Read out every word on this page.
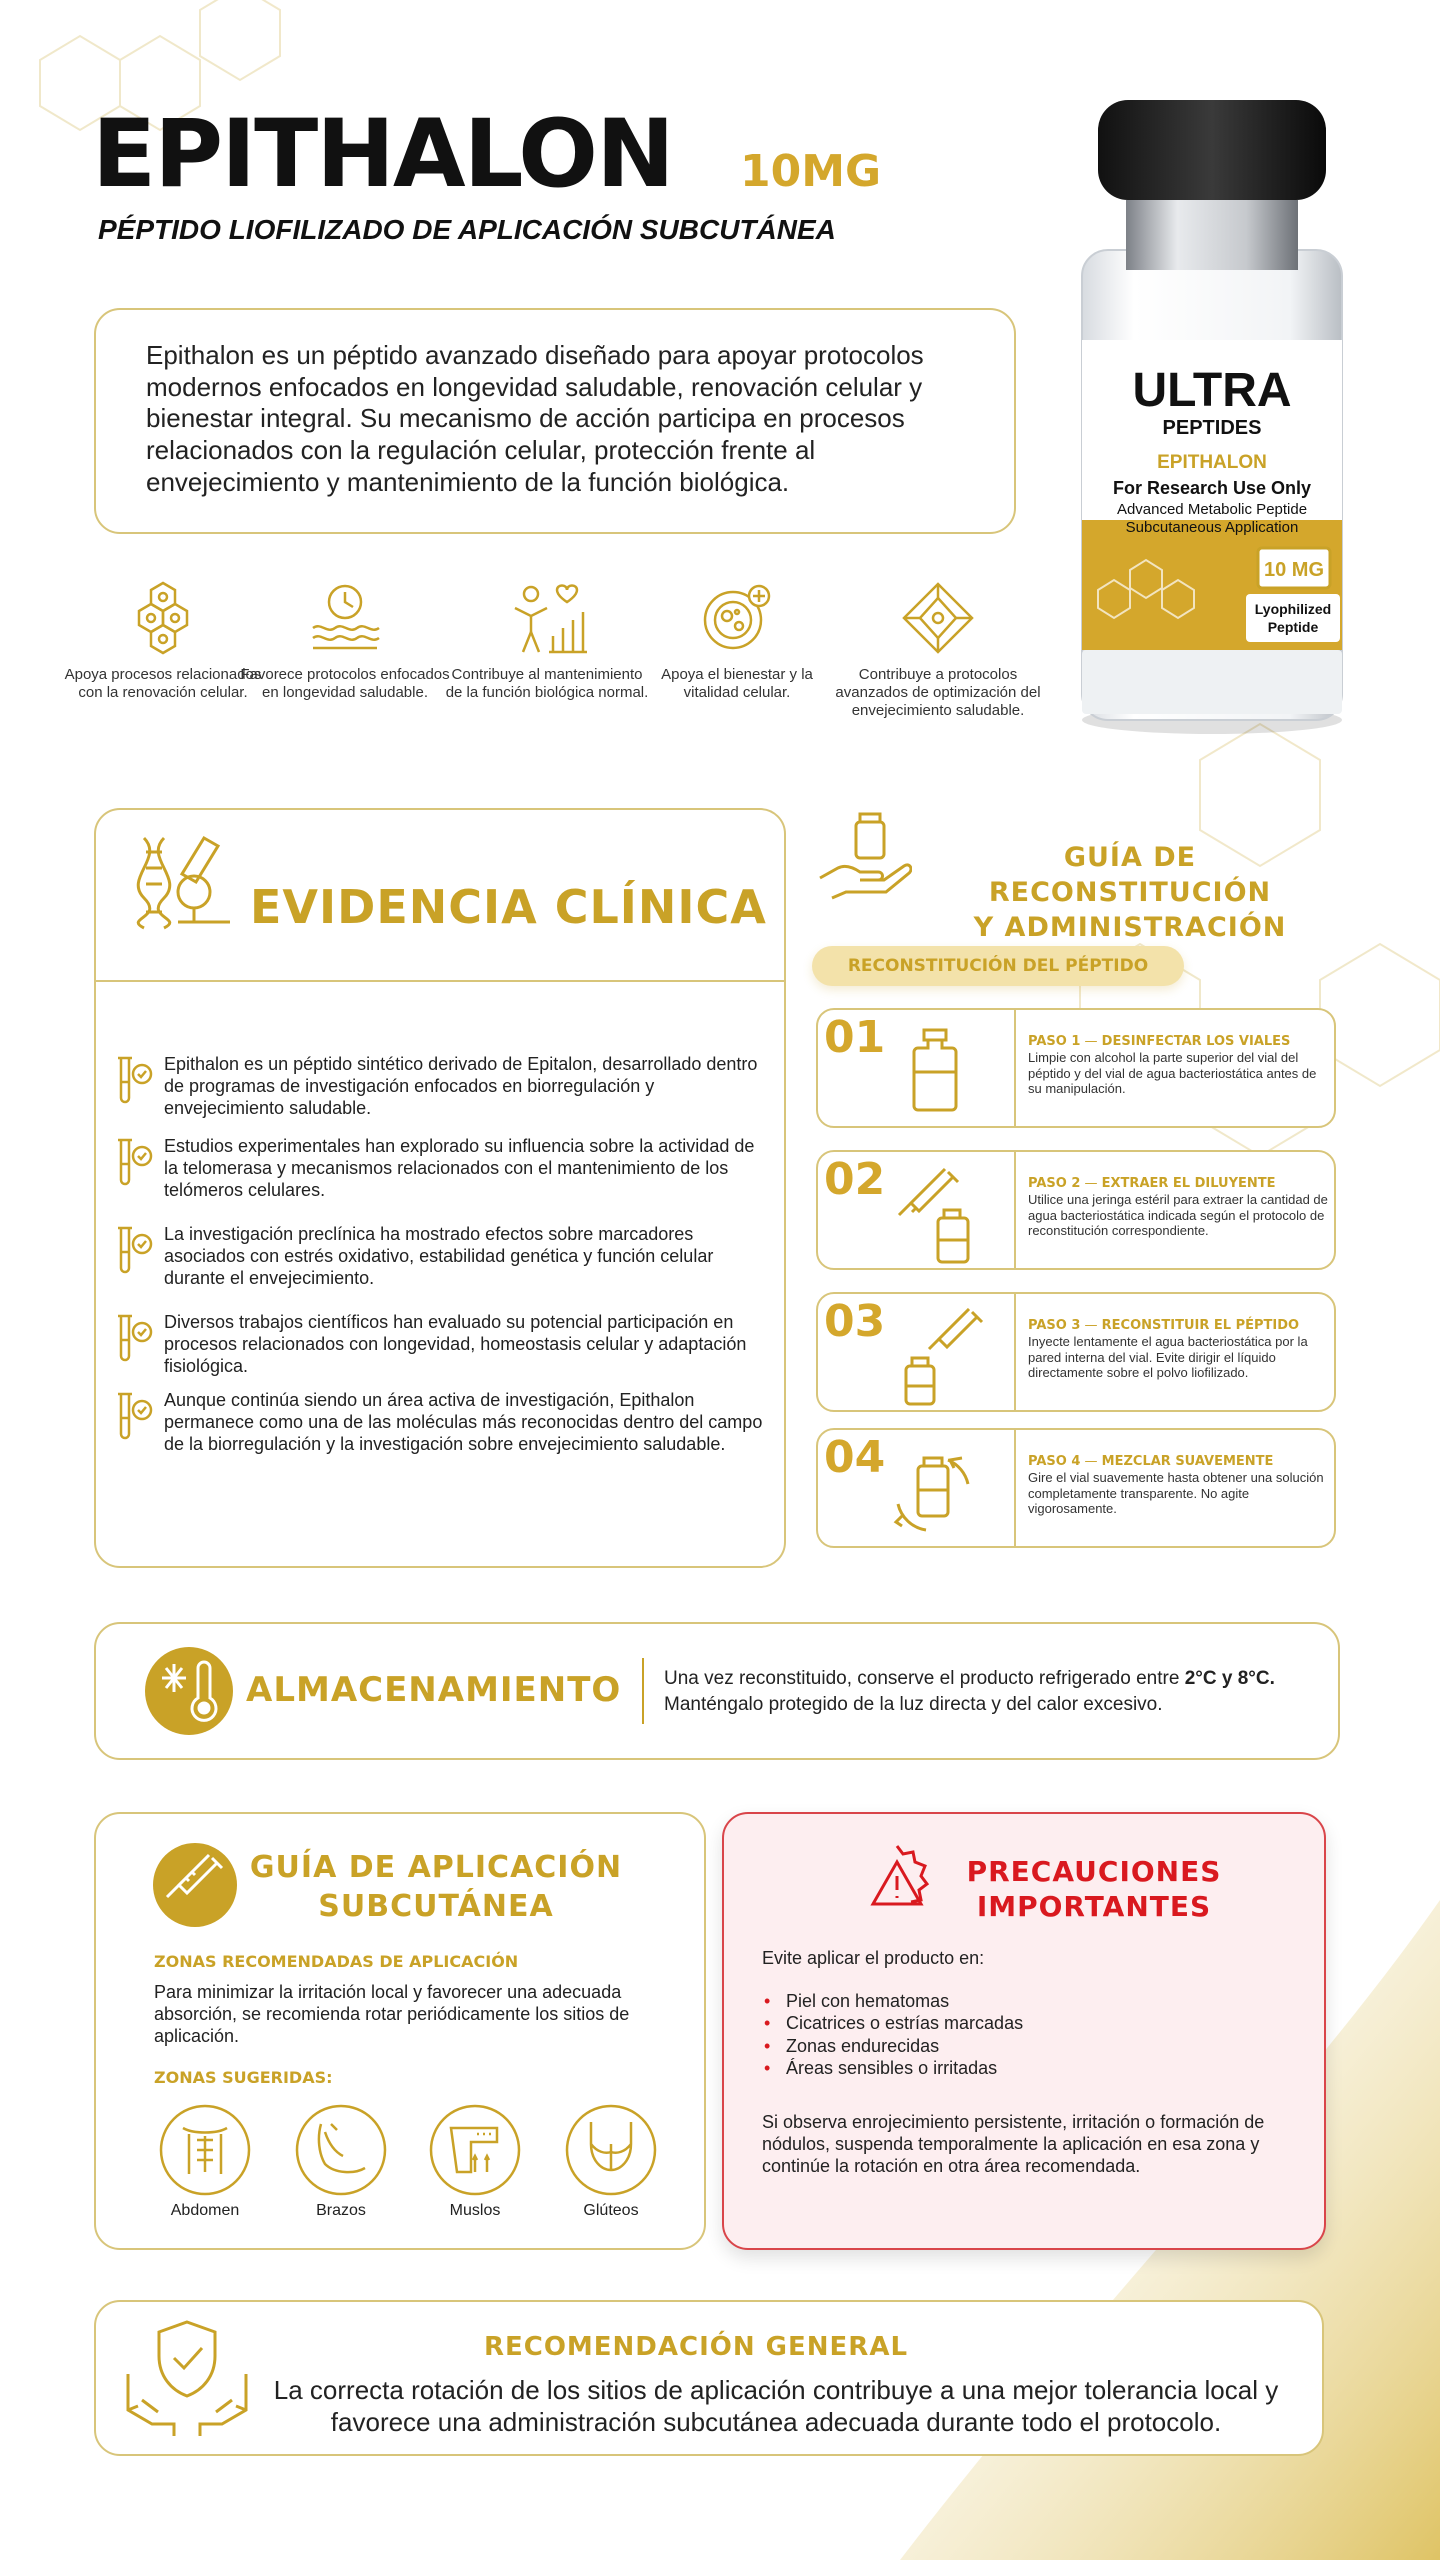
EPITHALON 10MG
PÉPTIDO LIOFILIZADO DE APLICACIÓN SUBCUTÁNEA

Epithalon es un péptido avanzado diseñado para apoyar protocolos modernos enfocados en longevidad saludable, renovación celular y bienestar integral. Su mecanismo de acción participa en procesos relacionados con la regulación celular, protección frente al envejecimiento y mantenimiento de la función biológica.

Apoya procesos relacionados con la renovación celular.

Favorece protocolos enfocados en longevidad saludable.

Contribuye al mantenimiento de la función biológica normal.

Apoya el bienestar y la vitalidad celular.

Contribuye a protocolos avanzados de optimización del envejecimiento saludable.

ULTRA
PEPTIDES
EPITHALON
For Research Use Only
Advanced Metabolic Peptide
Subcutaneous Application
10 MG
Lyophilized
Peptide
EVIDENCIA CLÍNICA

Epithalon es un péptido sintético derivado de Epitalon, desarrollado dentro de programas de investigación enfocados en biorregulación y envejecimiento saludable.

Estudios experimentales han explorado su influencia sobre la actividad de la telomerasa y mecanismos relacionados con el mantenimiento de los telómeros celulares.

La investigación preclínica ha mostrado efectos sobre marcadores asociados con estrés oxidativo, estabilidad genética y función celular durante el envejecimiento.

Diversos trabajos científicos han evaluado su potencial participación en procesos relacionados con longevidad, homeostasis celular y adaptación fisiológica.

Aunque continúa siendo un área activa de investigación, Epithalon permanece como una de las moléculas más reconocidas dentro del campo de la biorregulación y la investigación sobre envejecimiento saludable.

GUÍA DE RECONSTITUCIÓN
Y ADMINISTRACIÓN
RECONSTITUCIÓN DEL PÉPTIDO
01	PASO 1 — DESINFECTAR LOS VIALES
Limpie con alcohol la parte superior del vial del péptido y del vial de agua bacteriostática antes de su manipulación.
02	PASO 2 — EXTRAER EL DILUYENTE
Utilice una jeringa estéril para extraer la cantidad de agua bacteriostática indicada según el protocolo de reconstitución correspondiente.
03	PASO 3 — RECONSTITUIR EL PÉPTIDO
Inyecte lentamente el agua bacteriostática por la pared interna del vial. Evite dirigir el líquido directamente sobre el polvo liofilizado.
04	PASO 4 — MEZCLAR SUAVEMENTE
Gire el vial suavemente hasta obtener una solución completamente transparente. No agite vigorosamente.
ALMACENAMIENTO Una vez reconstituido, conserve el producto refrigerado entre 2°C y 8°C.
Manténgalo protegido de la luz directa y del calor excesivo.
GUÍA DE APLICACIÓN
SUBCUTÁNEA
ZONAS RECOMENDADAS DE APLICACIÓN
Para minimizar la irritación local y favorecer una adecuada absorción, se recomienda rotar periódicamente los sitios de aplicación.
ZONAS SUGERIDAS:
Abdomen	Brazos	Muslos	Glúteos
PRECAUCIONES
IMPORTANTES
Evite aplicar el producto en:
• Piel con hematomas
• Cicatrices o estrías marcadas
• Zonas endurecidas
• Áreas sensibles o irritadas
Si observa enrojecimiento persistente, irritación o formación de nódulos, suspenda temporalmente la aplicación en esa zona y continúe la rotación en otra área recomendada.
RECOMENDACIÓN GENERAL
La correcta rotación de los sitios de aplicación contribuye a una mejor tolerancia local y favorece una administración subcutánea adecuada durante todo el protocolo.
